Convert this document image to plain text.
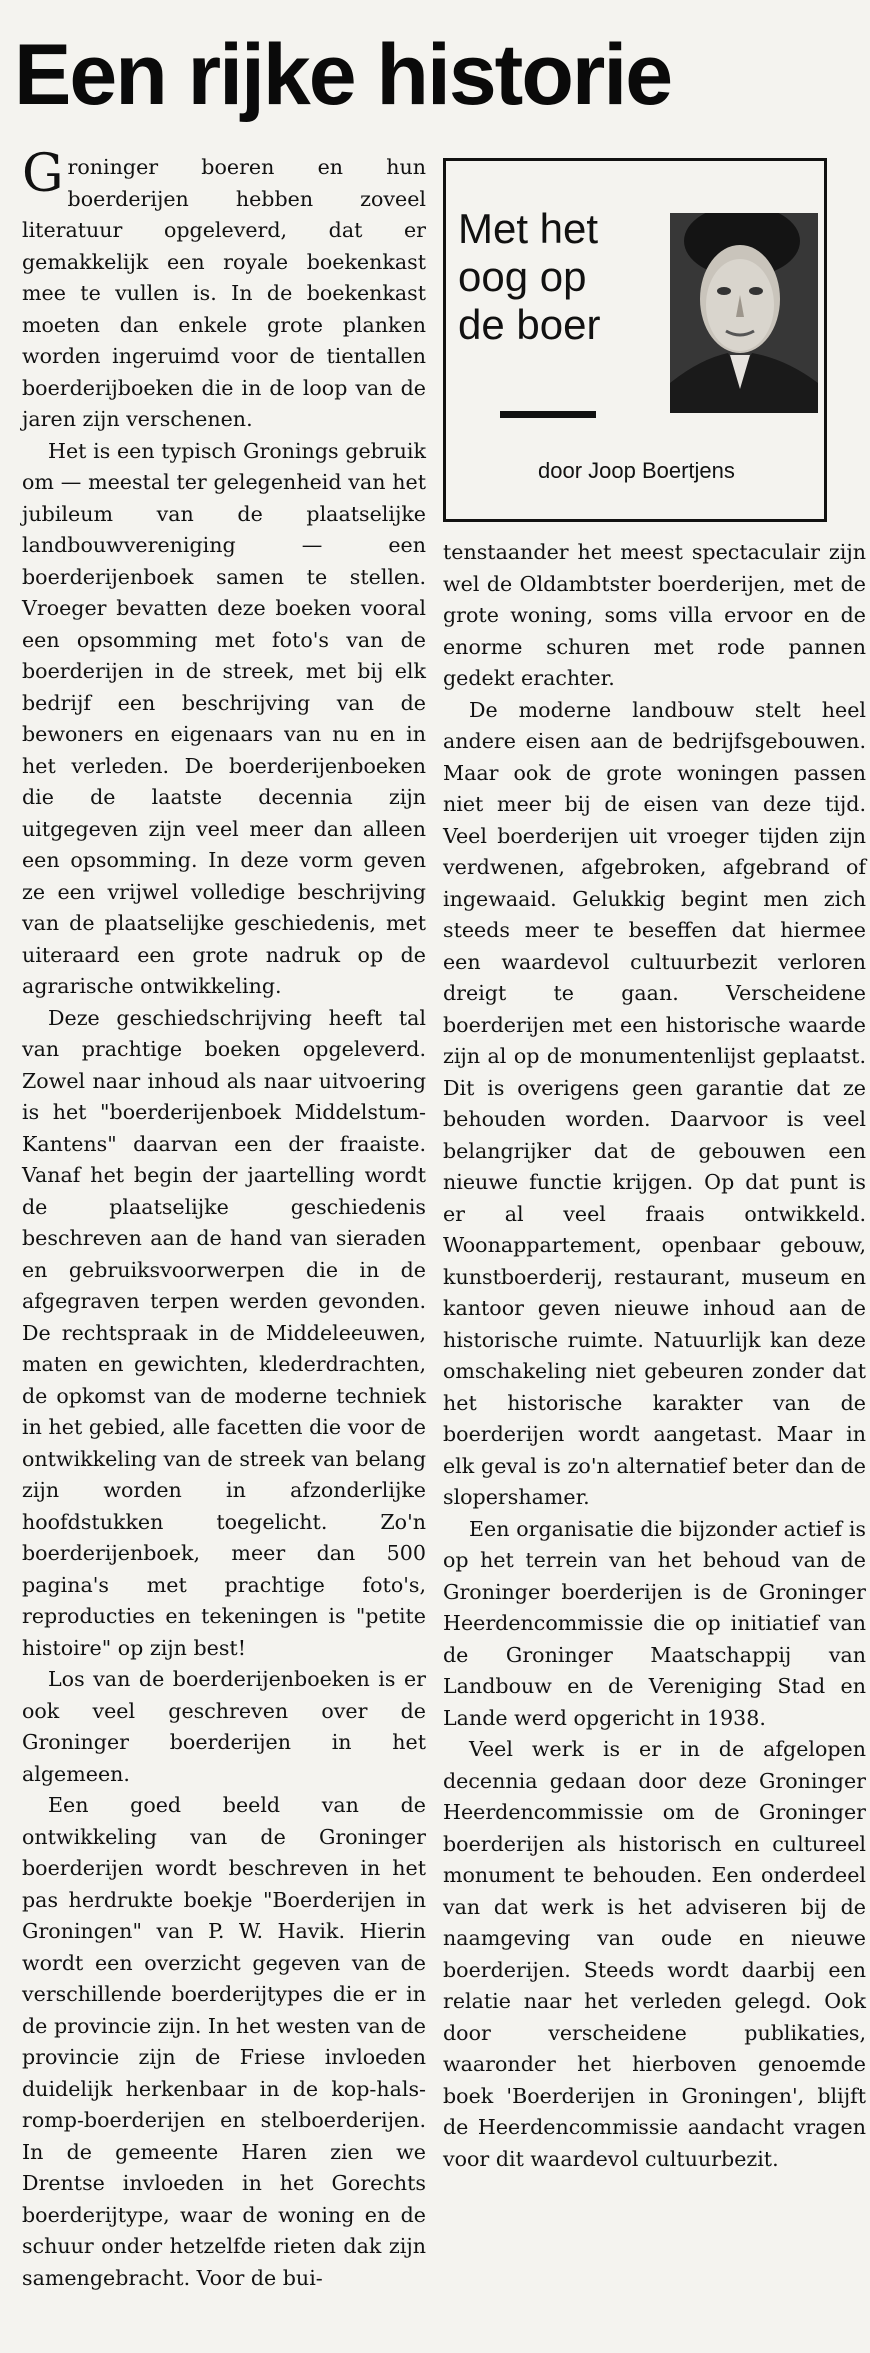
Een rijke historie

Groninger boeren en hun boerderijen hebben zoveel literatuur opgeleverd, dat er gemakkelijk een royale boekenkast mee te vullen is. In de boekenkast moeten dan enkele grote planken worden ingeruimd voor de tientallen boerderijboeken die in de loop van de jaren zijn verschenen.

Het is een typisch Gronings gebruik om — meestal ter gelegenheid van het jubileum van de plaatselijke landbouwvereniging — een boerderijenboek samen te stellen. Vroeger bevatten deze boeken vooral een opsomming met foto's van de boerderijen in de streek, met bij elk bedrijf een beschrijving van de bewoners en eigenaars van nu en in het verleden. De boerderijenboeken die de laatste decennia zijn uitgegeven zijn veel meer dan alleen een opsomming. In deze vorm geven ze een vrijwel volledige beschrijving van de plaatselijke geschiedenis, met uiteraard een grote nadruk op de agrarische ontwikkeling.

Deze geschiedschrijving heeft tal van prachtige boeken opgeleverd. Zowel naar inhoud als naar uitvoering is het "boerderijenboek Middelstum-Kantens" daarvan een der fraaiste. Vanaf het begin der jaartelling wordt de plaatselijke geschiedenis beschreven aan de hand van sieraden en gebruiksvoorwerpen die in de afgegraven terpen werden gevonden. De rechtspraak in de Middeleeuwen, maten en gewichten, klederdrachten, de opkomst van de moderne techniek in het gebied, alle facetten die voor de ontwikkeling van de streek van belang zijn worden in afzonderlijke hoofdstukken toegelicht. Zo'n boerderijenboek, meer dan 500 pagina's met prachtige foto's, reproducties en tekeningen is "petite histoire" op zijn best!

Los van de boerderijenboeken is er ook veel geschreven over de Groninger boerderijen in het algemeen.

Een goed beeld van de ontwikkeling van de Groninger boerderijen wordt beschreven in het pas herdrukte boekje "Boerderijen in Groningen" van P. W. Havik. Hierin wordt een overzicht gegeven van de verschillende boerderijtypes die er in de provincie zijn. In het westen van de provincie zijn de Friese invloeden duidelijk herkenbaar in de kop-hals-romp-boerderijen en stelboerderijen. In de gemeente Haren zien we Drentse invloeden in het Gorechts boerderijtype, waar de woning en de schuur onder hetzelfde rieten dak zijn samengebracht. Voor de bui-

Met het
oog op
de boer
door Joop Boertjens

tenstaander het meest spectaculair zijn wel de Oldambtster boerderijen, met de grote woning, soms villa ervoor en de enorme schuren met rode pannen gedekt erachter.

De moderne landbouw stelt heel andere eisen aan de bedrijfsgebouwen. Maar ook de grote woningen passen niet meer bij de eisen van deze tijd. Veel boerderijen uit vroeger tijden zijn verdwenen, afgebroken, afgebrand of ingewaaid. Gelukkig begint men zich steeds meer te beseffen dat hiermee een waardevol cultuurbezit verloren dreigt te gaan. Verscheidene boerderijen met een historische waarde zijn al op de monumentenlijst geplaatst. Dit is overigens geen garantie dat ze behouden worden. Daarvoor is veel belangrijker dat de gebouwen een nieuwe functie krijgen. Op dat punt is er al veel fraais ontwikkeld. Woonappartement, openbaar gebouw, kunstboerderij, restaurant, museum en kantoor geven nieuwe inhoud aan de historische ruimte. Natuurlijk kan deze omschakeling niet gebeuren zonder dat het historische karakter van de boerderijen wordt aangetast. Maar in elk geval is zo'n alternatief beter dan de slopershamer.

Een organisatie die bijzonder actief is op het terrein van het behoud van de Groninger boerderijen is de Groninger Heerdencommissie die op initiatief van de Groninger Maatschappij van Landbouw en de Vereniging Stad en Lande werd opgericht in 1938.

Veel werk is er in de afgelopen decennia gedaan door deze Groninger Heerdencommissie om de Groninger boerderijen als historisch en cultureel monument te behouden. Een onderdeel van dat werk is het adviseren bij de naamgeving van oude en nieuwe boerderijen. Steeds wordt daarbij een relatie naar het verleden gelegd. Ook door verscheidene publikaties, waaronder het hierboven genoemde boek 'Boerderijen in Groningen', blijft de Heerdencommissie aandacht vragen voor dit waardevol cultuurbezit.
